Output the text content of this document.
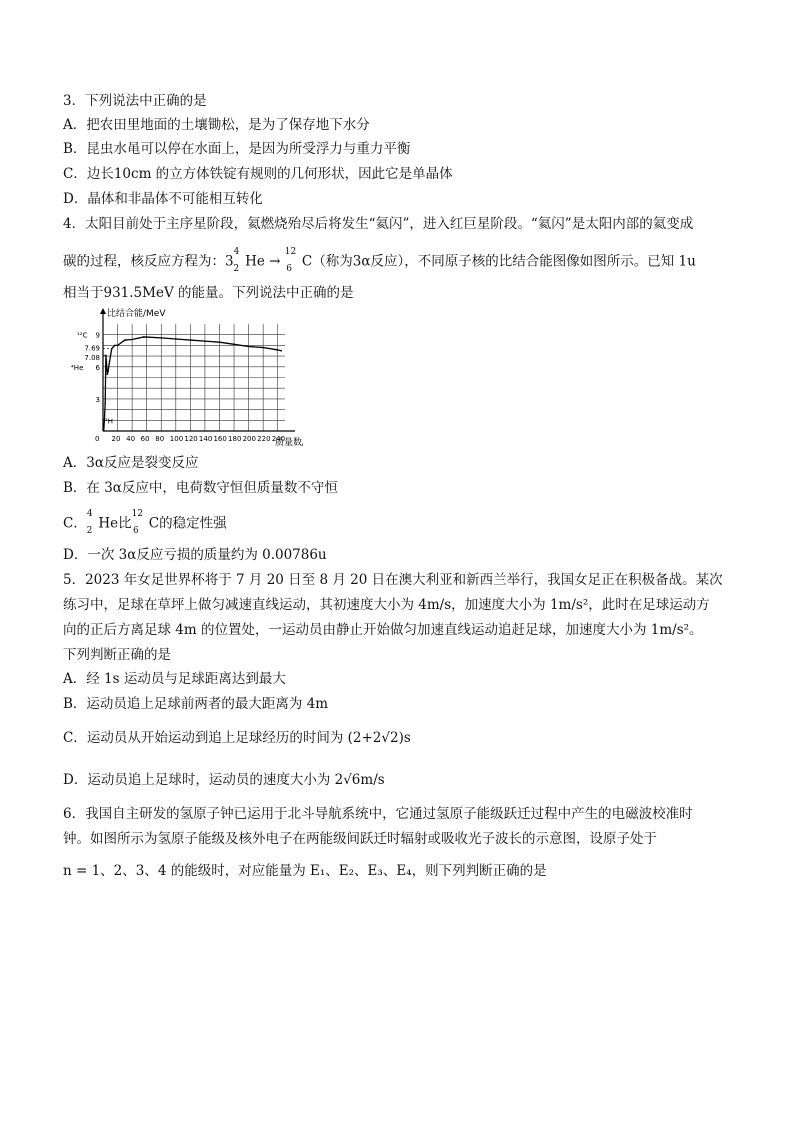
3．下列说法中正确的是
A．把农田里地面的土壤锄松，是为了保存地下水分
B．昆虫水黾可以停在水面上，是因为所受浮力与重力平衡
C．边长10cm 的立方体铁锭有规则的几何形状，因此它是单晶体
D．晶体和非晶体不可能相互转化
4．太阳目前处于主序星阶段，氦燃烧殆尽后将发生“氦闪”，进入红巨星阶段。“氦闪”是太阳内部的氦变成
碳的过程，核反应方程为：$3^4_2$ He → $^{12}_6$ C（称为3α反应），不同原子核的比结合能图像如图所示。已知 1u
相当于931.5MeV 的能量。下列说法中正确的是
比结合能/MeV
质量数
0 20 40 60 80 100 120 140 160 180 200 220 240
3
6
7.08
7.69
9
¹²C
⁴He
²H
A．3α反应是裂变反应
B．在 3α反应中，电荷数守恒但质量数不守恒
C．$^4_2$ He比$^{12}_6$ C的稳定性强
D．一次 3α反应亏损的质量约为 0.00786u
5．2023 年女足世界杯将于 7 月 20 日至 8 月 20 日在澳大利亚和新西兰举行，我国女足正在积极备战。某次
练习中，足球在草坪上做匀减速直线运动，其初速度大小为 4m/s，加速度大小为 1m/s²，此时在足球运动方
向的正后方离足球 4m 的位置处，一运动员由静止开始做匀加速直线运动追赶足球，加速度大小为 1m/s²。
下列判断正确的是
A．经 1s 运动员与足球距离达到最大
B．运动员追上足球前两者的最大距离为 4m
C．运动员从开始运动到追上足球经历的时间为 (2+2√2)s
D．运动员追上足球时，运动员的速度大小为 2√6m/s
6．我国自主研发的氢原子钟已运用于北斗导航系统中，它通过氢原子能级跃迁过程中产生的电磁波校准时
钟。如图所示为氢原子能级及核外电子在两能级间跃迁时辐射或吸收光子波长的示意图，设原子处于
n = 1、2、3、4 的能级时，对应能量为 E₁、E₂、E₃、E₄，则下列判断正确的是
